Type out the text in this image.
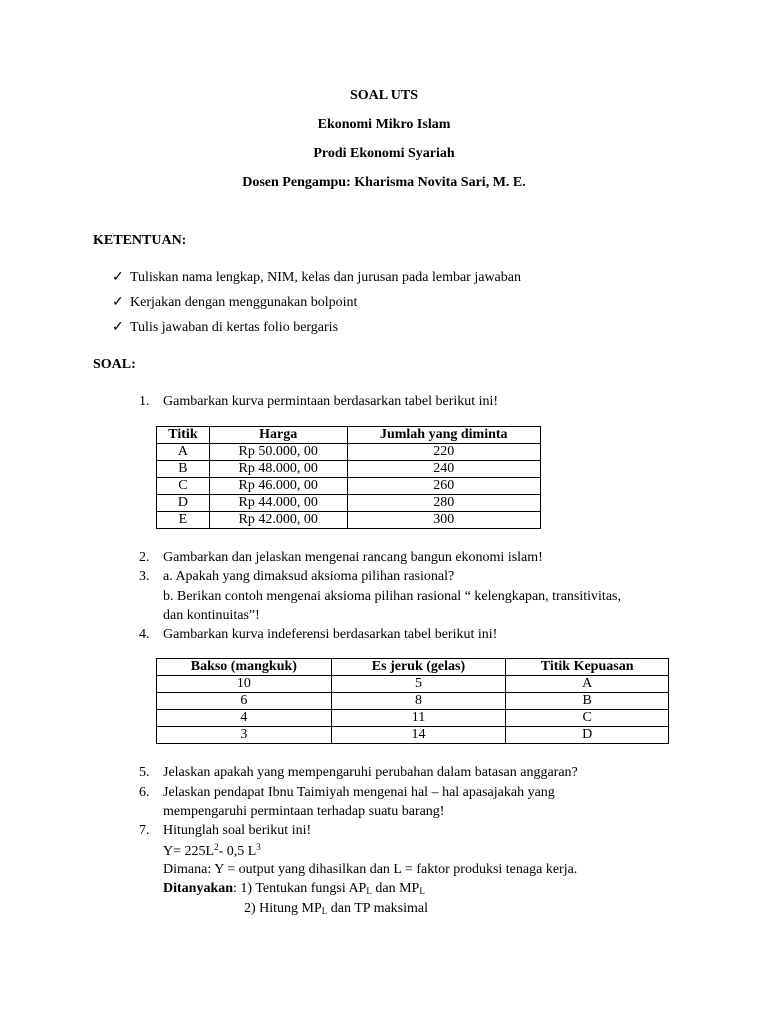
SOAL UTS
Ekonomi Mikro Islam
Prodi Ekonomi Syariah
Dosen Pengampu: Kharisma Novita Sari, M. E.
KETENTUAN:
✓ Tuliskan nama lengkap, NIM, kelas dan jurusan pada lembar jawaban
✓ Kerjakan dengan menggunakan bolpoint
✓ Tulis jawaban di kertas folio bergaris
SOAL:
1. Gambarkan kurva permintaan berdasarkan tabel berikut ini!
Titik	Harga	Jumlah yang diminta
A	Rp 50.000, 00	220
B	Rp 48.000, 00	240
C	Rp 46.000, 00	260
D	Rp 44.000, 00	280
E	Rp 42.000, 00	300
2. Gambarkan dan jelaskan mengenai rancang bangun ekonomi islam!
3. a. Apakah yang dimaksud aksioma pilihan rasional?
b. Berikan contoh mengenai aksioma pilihan rasional “ kelengkapan, transitivitas,
dan kontinuitas”!
4. Gambarkan kurva indeferensi berdasarkan tabel berikut ini!
Bakso (mangkuk)	Es jeruk (gelas)	Titik Kepuasan
10	5	A
6	8	B
4	11	C
3	14	D
5. Jelaskan apakah yang mempengaruhi perubahan dalam batasan anggaran?
6. Jelaskan pendapat Ibnu Taimiyah mengenai hal – hal apasajakah yang
mempengaruhi permintaan terhadap suatu barang!
7. Hitunglah soal berikut ini!
$Y= 225L^2-$ 0,5 $L^3$
Dimana: Y = output yang dihasilkan dan L = faktor produksi tenaga kerja.
Ditanyakan: 1) Tentukan fungsi $AP_L$ dan $MP_L$
2) Hitung $MP_L$ dan TP maksimal
